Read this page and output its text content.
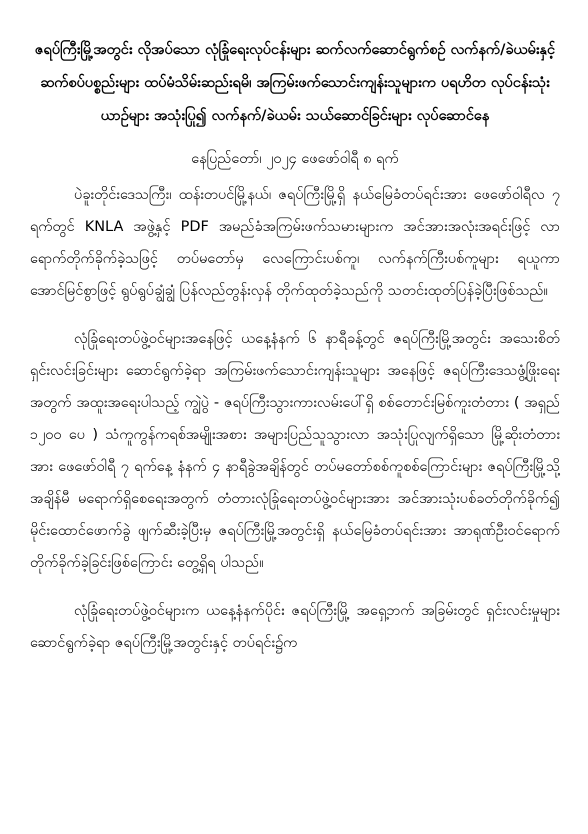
ဇရပ်ကြီးမြို့အတွင်း လိုအပ်သော လုံခြုံရေးလုပ်ငန်းများ ဆက်လက်ဆောင်ရွက်စဉ် လက်နက်/ခဲယမ်းနှင့် ဆက်စပ်ပစ္စည်းများ ထပ်မံသိမ်းဆည်းရမိ၊ အကြမ်းဖက်သောင်းကျန်းသူများက ပရဟိတ လုပ်ငန်းသုံးယာဉ်များ အသုံးပြု၍ လက်နက်/ခဲယမ်း သယ်ဆောင်ခြင်းများ လုပ်ဆောင်နေ

နေပြည်တော်၊ ၂၀၂၄ ဖေဖော်ဝါရီ ၈ ရက်

ပဲခူးတိုင်းဒေသကြီး၊ ထန်းတပင်မြို့နယ်၊ ဇရပ်ကြီးမြို့ရှိ နယ်မြေခံတပ်ရင်းအား ဖေဖော်ဝါရီလ ၇ ရက်တွင် KNLA အဖွဲ့နှင့် PDF အမည်ခံအကြမ်းဖက်သမားများက အင်အားအလုံးအရင်းဖြင့် လာရောက်တိုက်ခိုက်ခဲ့သဖြင့် တပ်မတော်မှ လေကြောင်းပစ်ကူ၊ လက်နက်ကြီးပစ်ကူများ ရယူကာ အောင်မြင်စွာဖြင့် ရွပ်ရွပ်ချွံချွံ ပြန်လည်တွန်းလှန် တိုက်ထုတ်ခဲ့သည်ကို သတင်းထုတ်ပြန်ခဲ့ပြီးဖြစ်သည်။

လုံခြုံရေးတပ်ဖွဲ့ဝင်များအနေဖြင့် ယနေ့နံနက် ၆ နာရီခန့်တွင် ဇရပ်ကြီးမြို့အတွင်း အသေးစိတ်ရှင်းလင်းခြင်းများ ဆောင်ရွက်ခဲ့ရာ အကြမ်းဖက်သောင်းကျန်းသူများ အနေဖြင့် ဇရပ်ကြီးဒေသဖွံ့ဖြိုးရေးအတွက် အထူးအရေးပါသည့် ကျွဲပွဲ - ဇရပ်ကြီးသွားကားလမ်းပေါ်ရှိ စစ်တောင်းမြစ်ကူးတံတား ( အရှည် ၁၂၀၀ ပေ ) သံကူကွန်ကရစ်အမျိုးအစား အများပြည်သူသွားလာ အသုံးပြုလျက်ရှိသော မြို့ဆိုးတံတားအား ဖေဖော်ဝါရီ ၇ ရက်နေ့ နံနက် ၄ နာရီခွဲအချိန်တွင် တပ်မတော်စစ်ကူစစ်ကြောင်းများ ဇရပ်ကြီးမြို့သို့ အချိန်မီ မရောက်ရှိစေရေးအတွက် တံတားလုံခြုံရေးတပ်ဖွဲ့ဝင်များအား အင်အားသုံးပစ်ခတ်တိုက်ခိုက်၍ မိုင်းထောင်ဖောက်ခွဲ ဖျက်ဆီးခဲ့ပြီးမှ ဇရပ်ကြီးမြို့အတွင်းရှိ နယ်မြေခံတပ်ရင်းအား အာရုဏ်ဦးဝင်ရောက်တိုက်ခိုက်ခဲ့ခြင်းဖြစ်ကြောင်း တွေ့ရှိရ ပါသည်။

လုံခြုံရေးတပ်ဖွဲ့ဝင်များက ယနေ့နံနက်ပိုင်း ဇရပ်ကြီးမြို့ အရှေ့ဘက် အခြမ်းတွင် ရှင်းလင်းမှုများ ဆောင်ရွက်ခဲ့ရာ ဇရပ်ကြီးမြို့အတွင်းနှင့် တပ်ရင်း၌က
